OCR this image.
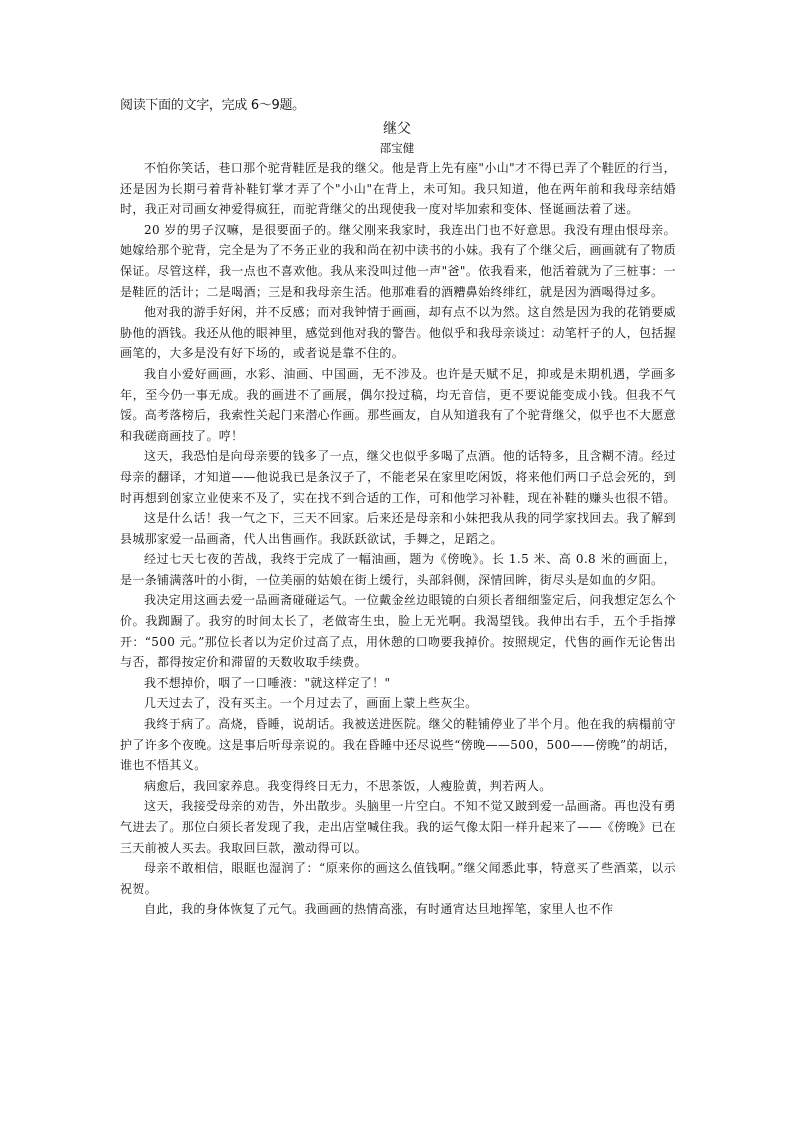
阅读下面的文字，完成 6～9题。
继父
邵宝健

不怕你笑话，巷口那个驼背鞋匠是我的继父。他是背上先有座"小山"才不得已弄了个鞋匠的行当，还是因为长期弓着背补鞋钉掌才弄了个"小山"在背上，未可知。我只知道，他在两年前和我母亲结婚时，我正对司画女神爱得疯狂，而驼背继父的出现使我一度对毕加索和变体、怪诞画法着了迷。

20 岁的男子汉嘛，是很要面子的。继父刚来我家时，我连出门也不好意思。我没有理由恨母亲。她嫁给那个驼背，完全是为了不务正业的我和尚在初中读书的小妹。我有了个继父后，画画就有了物质保证。尽管这样，我一点也不喜欢他。我从来没叫过他一声"爸"。依我看来，他活着就为了三桩事：一是鞋匠的活计；二是喝酒；三是和我母亲生活。他那难看的酒糟鼻始终绯红，就是因为酒喝得过多。

他对我的游手好闲，并不反感；而对我钟情于画画，却有点不以为然。这自然是因为我的花销要威胁他的酒钱。我还从他的眼神里，感觉到他对我的警告。他似乎和我母亲谈过：动笔杆子的人，包括握画笔的，大多是没有好下场的，或者说是靠不住的。

我自小爱好画画，水彩、油画、中国画，无不涉及。也许是天赋不足，抑或是未期机遇，学画多年，至今仍一事无成。我的画进不了画展，偶尔投过稿，均无音信，更不要说能变成小钱。但我不气馁。高考落榜后，我索性关起门来潜心作画。那些画友，自从知道我有了个驼背继父，似乎也不大愿意和我磋商画技了。哼！

这天，我恐怕是向母亲要的钱多了一点，继父也似乎多喝了点酒。他的话特多，且含糊不清。经过母亲的翻译，才知道——他说我已是条汉子了，不能老呆在家里吃闲饭，将来他们两口子总会死的，到时再想到创家立业使来不及了，实在找不到合适的工作，可和他学习补鞋，现在补鞋的赚头也很不错。

这是什么话！我一气之下，三天不回家。后来还是母亲和小妹把我从我的同学家找回去。我了解到县城那家爱一品画斋，代人出售画作。我跃跃欲试，手舞之，足蹈之。

经过七天七夜的苦战，我终于完成了一幅油画，题为《傍晚》。长 1.5 米、高 0.8 米的画面上，是一条铺满落叶的小街，一位美丽的姑娘在街上缓行，头部斜侧，深情回眸，街尽头是如血的夕阳。

我决定用这画去爱一品画斋碰碰运气。一位戴金丝边眼镜的白须长者细细鉴定后，问我想定怎么个价。我踟蹰了。我穷的时间太长了，老做寄生虫，脸上无光啊。我渴望钱。我伸出右手，五个手指撑开：“500 元。”那位长者以为定价过高了点，用休憩的口吻要我掉价。按照规定，代售的画作无论售出与否，都得按定价和滞留的天数收取手续费。

我不想掉价，咽了一口唾液："就这样定了！"

几天过去了，没有买主。一个月过去了，画面上蒙上些灰尘。

我终于病了。高烧，昏睡，说胡话。我被送进医院。继父的鞋铺停业了半个月。他在我的病榻前守护了许多个夜晚。这是事后听母亲说的。我在昏睡中还尽说些“傍晚——500，500——傍晚”的胡话，谁也不悟其义。

病愈后，我回家养息。我变得终日无力，不思茶饭，人瘦脸黄，判若两人。

这天，我接受母亲的劝告，外出散步。头脑里一片空白。不知不觉又跛到爱一品画斋。再也没有勇气进去了。那位白须长者发现了我，走出店堂喊住我。我的运气像太阳一样升起来了——《傍晚》已在三天前被人买去。我取回巨款，激动得可以。

母亲不敢相信，眼眶也湿润了：“原来你的画这么值钱啊。”继父闻悉此事，特意买了些酒菜，以示祝贺。

自此，我的身体恢复了元气。我画画的热情高涨，有时通宵达旦地挥笔，家里人也不作
